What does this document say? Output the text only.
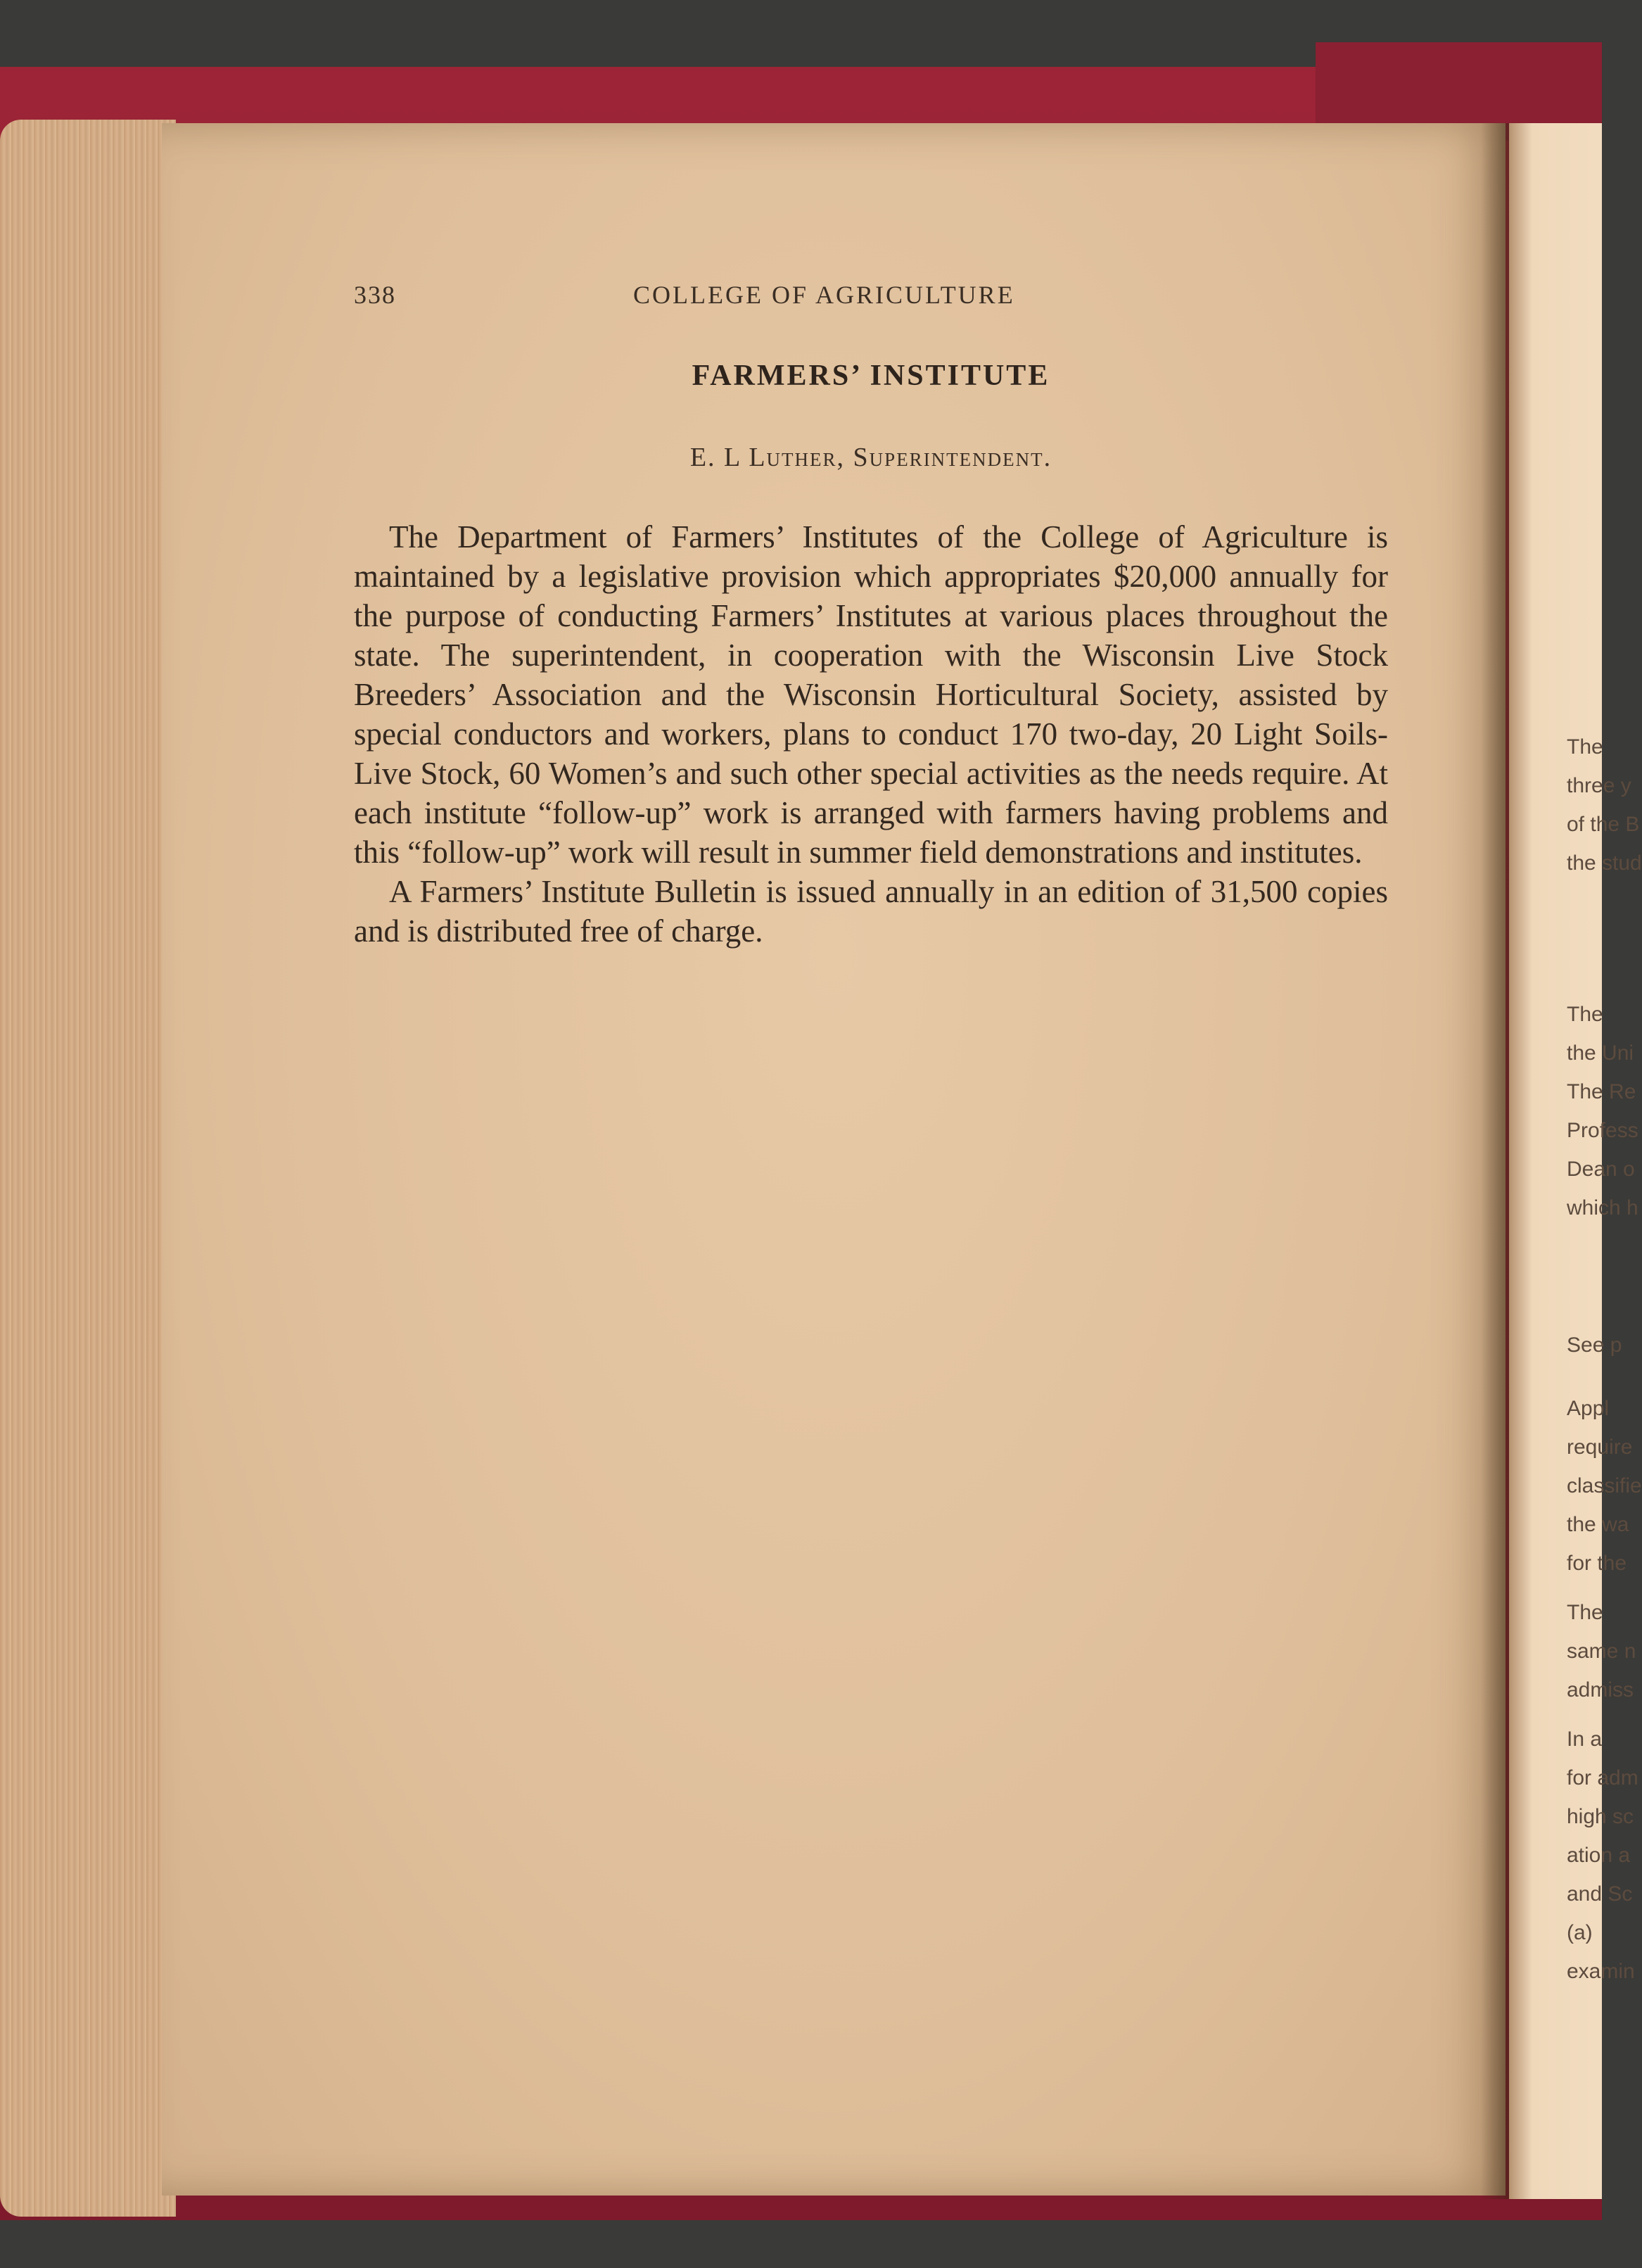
338	COLLEGE OF AGRICULTURE
FARMERS’ INSTITUTE
E. L Luther, Superintendent.

The Department of Farmers’ Institutes of the College of Agriculture is maintained by a legislative provision which appropriates $20,000 annually for the purpose of conducting Farmers’ Institutes at various places throughout the state. The superintendent, in cooperation with the Wisconsin Live Stock Breeders’ Association and the Wisconsin Horticultural Society, assisted by special conductors and workers, plans to conduct 170 two-day, 20 Light Soils-Live Stock, 60 Women’s and such other special activities as the needs require. At each institute “follow-up” work is arranged with farmers having problems and this “follow-up” work will result in summer field demonstrations and institutes.

A Farmers’ Institute Bulletin is issued annually in an edition of 31,500 copies and is distributed free of charge.

The
three y
of the B
the stud
The
the Uni
The Re
Profess
Dean o
which h
See p
Appl
require
classifie
the wa
for the
The
same n
admiss
In a
for adm
high sc
ation a
and Sc
(a)
examin
